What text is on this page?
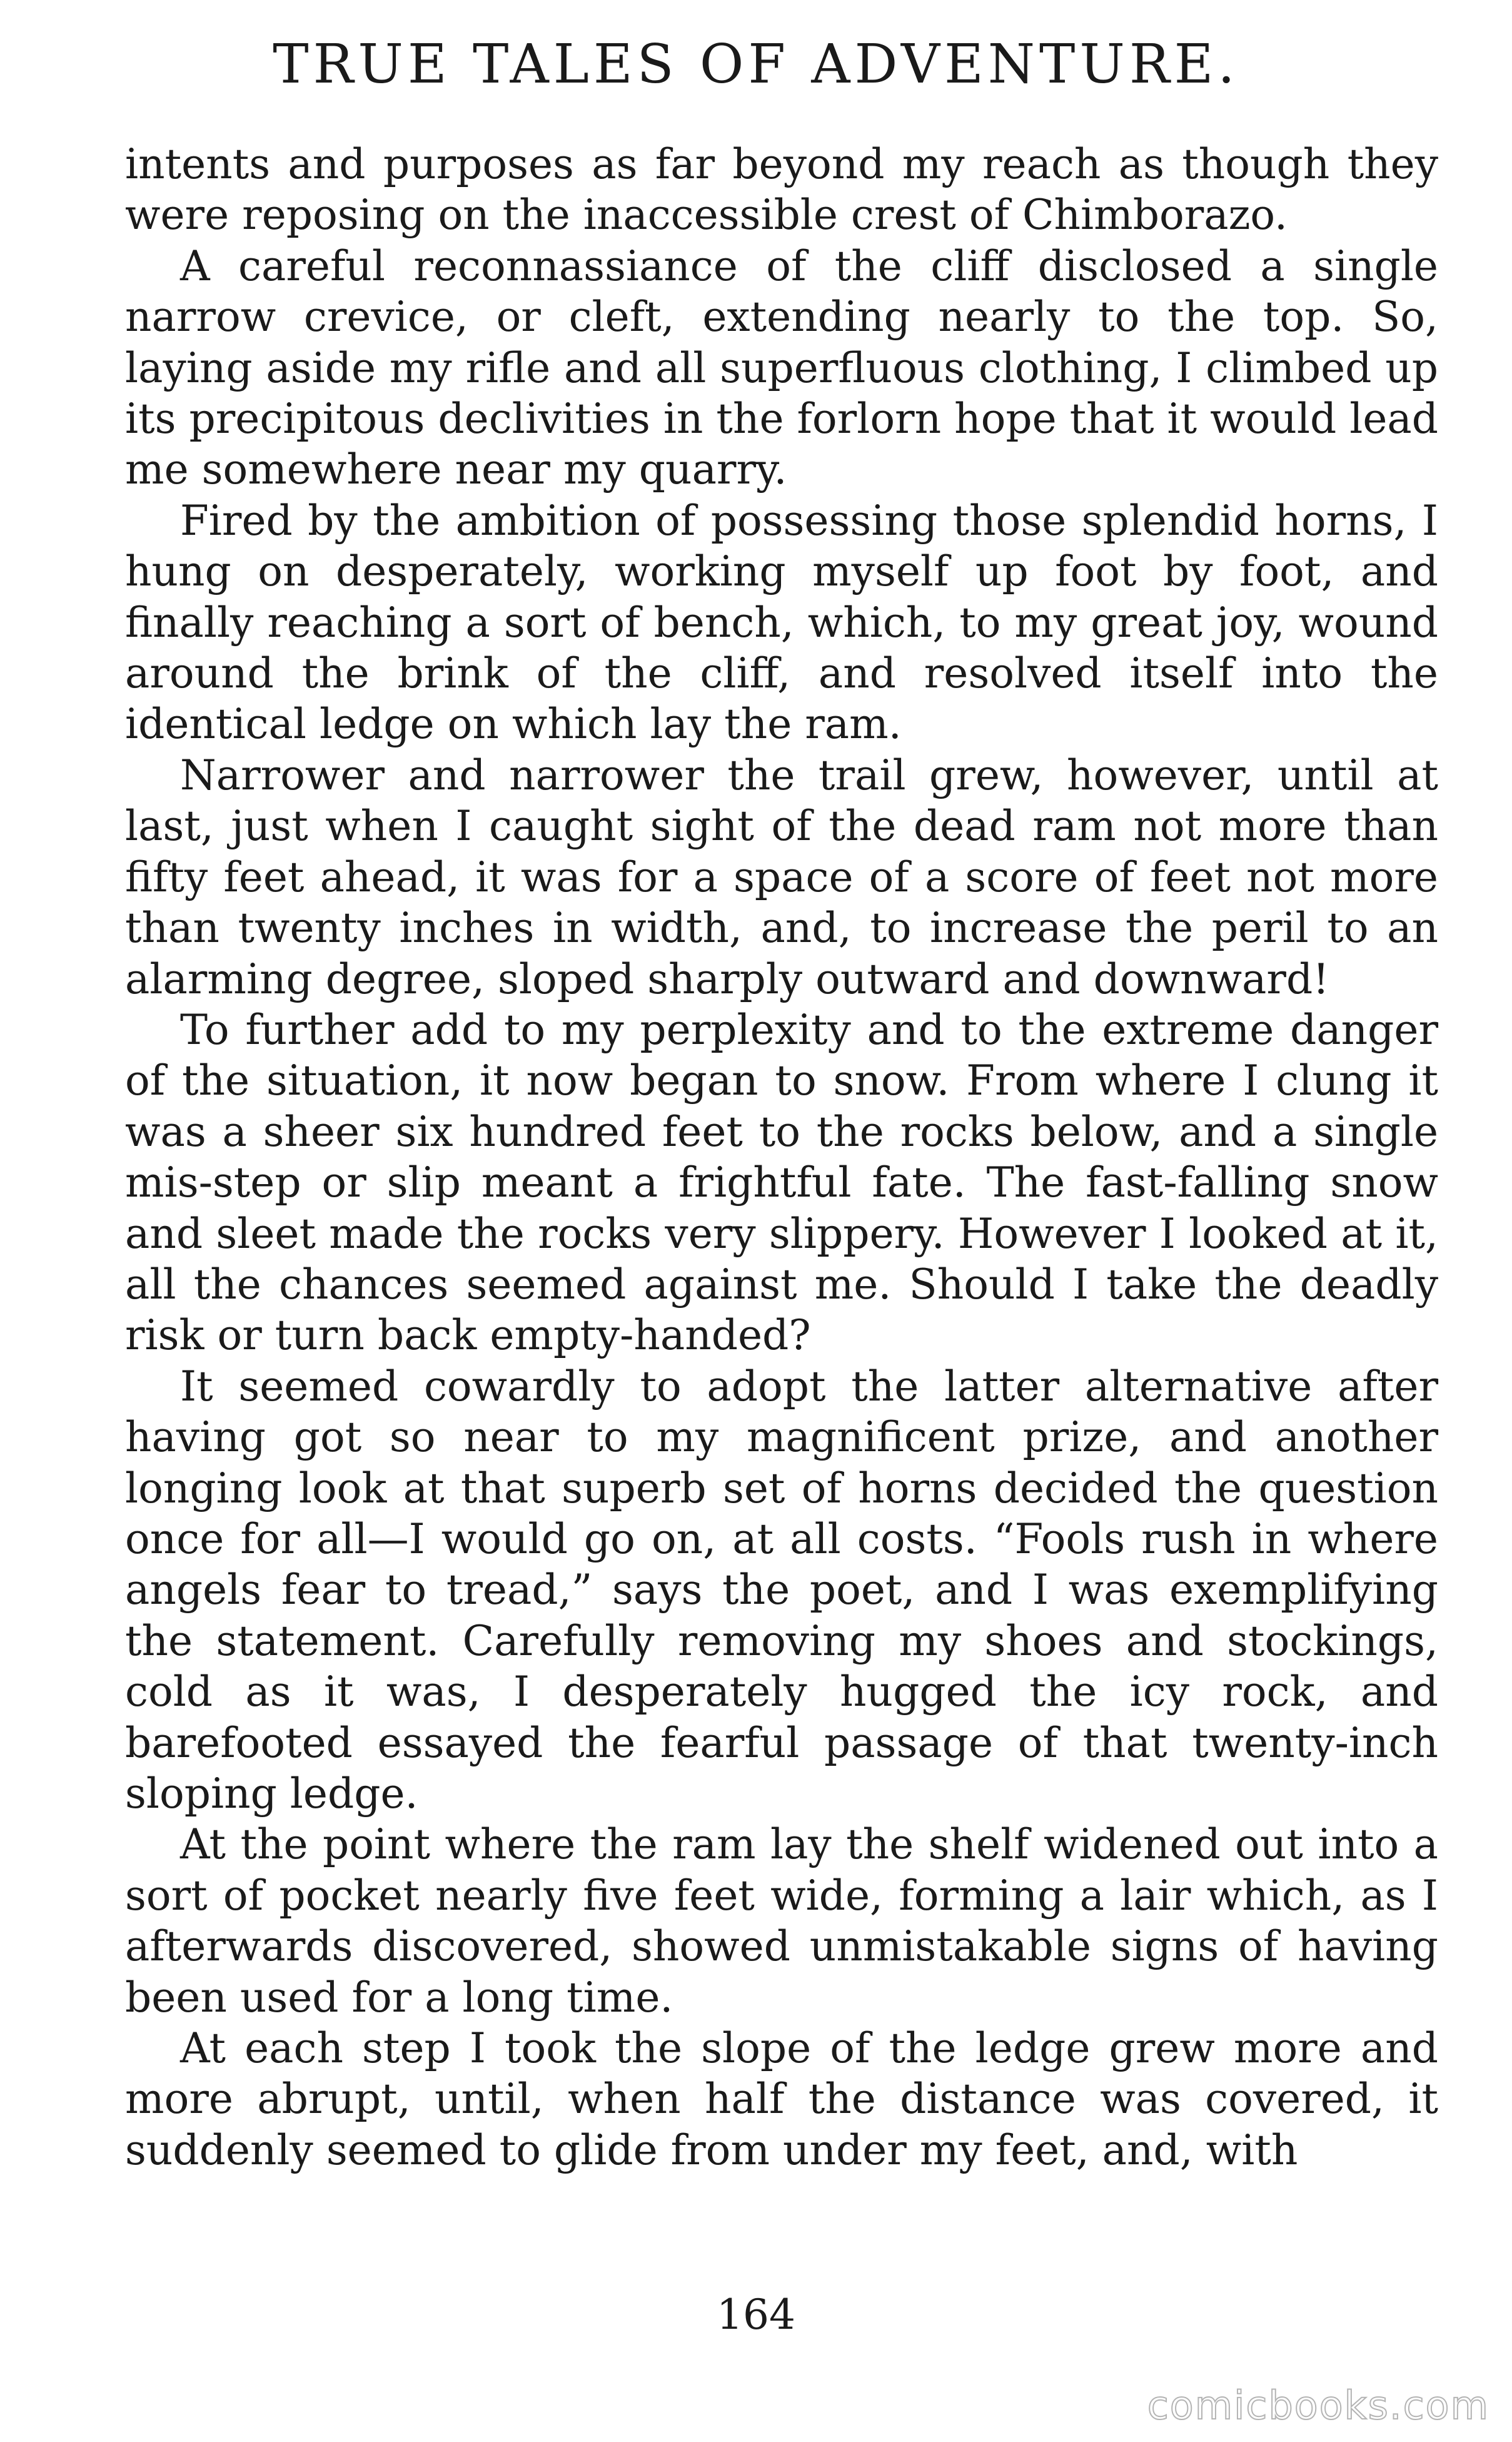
TRUE TALES OF ADVENTURE.

intents and purposes as far beyond my reach as though they were reposing on the inaccessible crest of Chimborazo.

A careful reconnassiance of the cliff disclosed a single narrow crevice, or cleft, extending nearly to the top. So, laying aside my rifle and all superfluous clothing, I climbed up its precipitous declivities in the forlorn hope that it would lead me somewhere near my quarry.

Fired by the ambition of possessing those splendid horns, I hung on desperately, working myself up foot by foot, and finally reaching a sort of bench, which, to my great joy, wound around the brink of the cliff, and resolved itself into the identical ledge on which lay the ram.

Narrower and narrower the trail grew, however, until at last, just when I caught sight of the dead ram not more than fifty feet ahead, it was for a space of a score of feet not more than twenty inches in width, and, to increase the peril to an alarming degree, sloped sharply outward and downward!

To further add to my perplexity and to the extreme danger of the situation, it now began to snow. From where I clung it was a sheer six hundred feet to the rocks below, and a single mis-step or slip meant a frightful fate. The fast-falling snow and sleet made the rocks very slippery. However I looked at it, all the chances seemed against me. Should I take the deadly risk or turn back empty-handed?

It seemed cowardly to adopt the latter alternative after having got so near to my magnificent prize, and another longing look at that superb set of horns decided the question once for all—I would go on, at all costs. “Fools rush in where angels fear to tread,” says the poet, and I was exemplifying the statement. Carefully removing my shoes and stockings, cold as it was, I desperately hugged the icy rock, and barefooted essayed the fearful passage of that twenty-inch sloping ledge.

At the point where the ram lay the shelf widened out into a sort of pocket nearly five feet wide, forming a lair which, as I afterwards discovered, showed unmistakable signs of having been used for a long time.

At each step I took the slope of the ledge grew more and more abrupt, until, when half the distance was covered, it suddenly seemed to glide from under my feet, and, with

164
comicbooks.com
